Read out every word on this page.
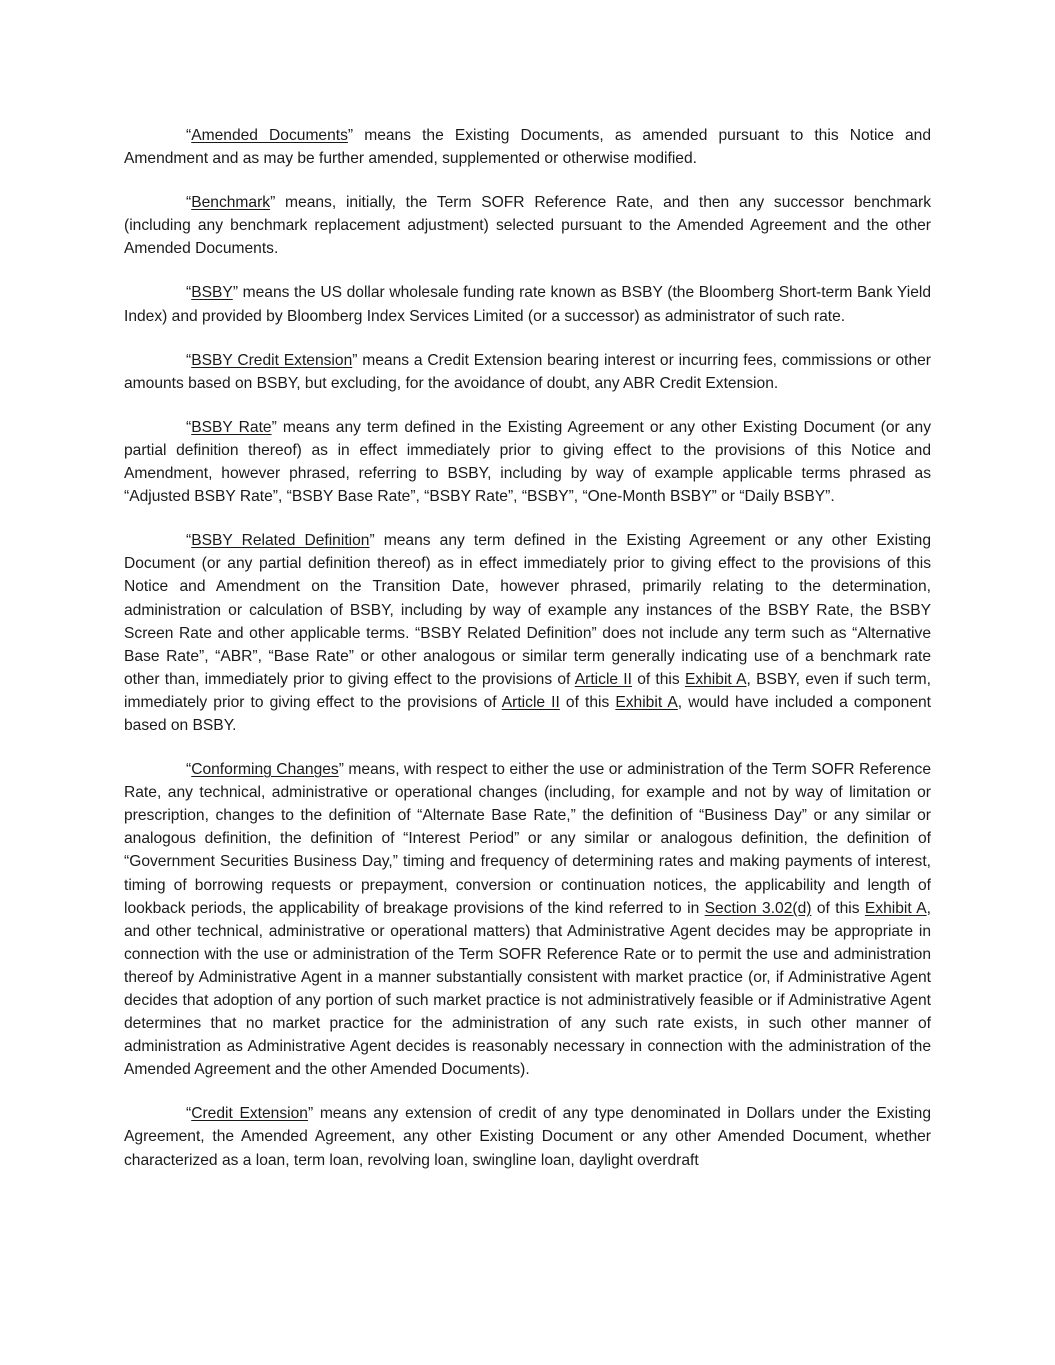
“Amended Documents” means the Existing Documents, as amended pursuant to this Notice and Amendment and as may be further amended, supplemented or otherwise modified.

“Benchmark” means, initially, the Term SOFR Reference Rate, and then any successor benchmark (including any benchmark replacement adjustment) selected pursuant to the Amended Agreement and the other Amended Documents.

“BSBY” means the US dollar wholesale funding rate known as BSBY (the Bloomberg Short-term Bank Yield Index) and provided by Bloomberg Index Services Limited (or a successor) as administrator of such rate.

“BSBY Credit Extension” means a Credit Extension bearing interest or incurring fees, commissions or other amounts based on BSBY, but excluding, for the avoidance of doubt, any ABR Credit Extension.

“BSBY Rate” means any term defined in the Existing Agreement or any other Existing Document (or any partial definition thereof) as in effect immediately prior to giving effect to the provisions of this Notice and Amendment, however phrased, referring to BSBY, including by way of example applicable terms phrased as “Adjusted BSBY Rate”, “BSBY Base Rate”, “BSBY Rate”, “BSBY”, “One-Month BSBY” or “Daily BSBY”.

“BSBY Related Definition” means any term defined in the Existing Agreement or any other Existing Document (or any partial definition thereof) as in effect immediately prior to giving effect to the provisions of this Notice and Amendment on the Transition Date, however phrased, primarily relating to the determination, administration or calculation of BSBY, including by way of example any instances of the BSBY Rate, the BSBY Screen Rate and other applicable terms. “BSBY Related Definition” does not include any term such as “Alternative Base Rate”, “ABR”, “Base Rate” or other analogous or similar term generally indicating use of a benchmark rate other than, immediately prior to giving effect to the provisions of Article II of this Exhibit A, BSBY, even if such term, immediately prior to giving effect to the provisions of Article II of this Exhibit A, would have included a component based on BSBY.

“Conforming Changes” means, with respect to either the use or administration of the Term SOFR Reference Rate, any technical, administrative or operational changes (including, for example and not by way of limitation or prescription, changes to the definition of “Alternate Base Rate,” the definition of “Business Day” or any similar or analogous definition, the definition of “Interest Period” or any similar or analogous definition, the definition of “Government Securities Business Day,” timing and frequency of determining rates and making payments of interest, timing of borrowing requests or prepayment, conversion or continuation notices, the applicability and length of lookback periods, the applicability of breakage provisions of the kind referred to in Section 3.02(d) of this Exhibit A, and other technical, administrative or operational matters) that Administrative Agent decides may be appropriate in connection with the use or administration of the Term SOFR Reference Rate or to permit the use and administration thereof by Administrative Agent in a manner substantially consistent with market practice (or, if Administrative Agent decides that adoption of any portion of such market practice is not administratively feasible or if Administrative Agent determines that no market practice for the administration of any such rate exists, in such other manner of administration as Administrative Agent decides is reasonably necessary in connection with the administration of the Amended Agreement and the other Amended Documents).

“Credit Extension” means any extension of credit of any type denominated in Dollars under the Existing Agreement, the Amended Agreement, any other Existing Document or any other Amended Document, whether characterized as a loan, term loan, revolving loan, swingline loan, daylight overdraft
